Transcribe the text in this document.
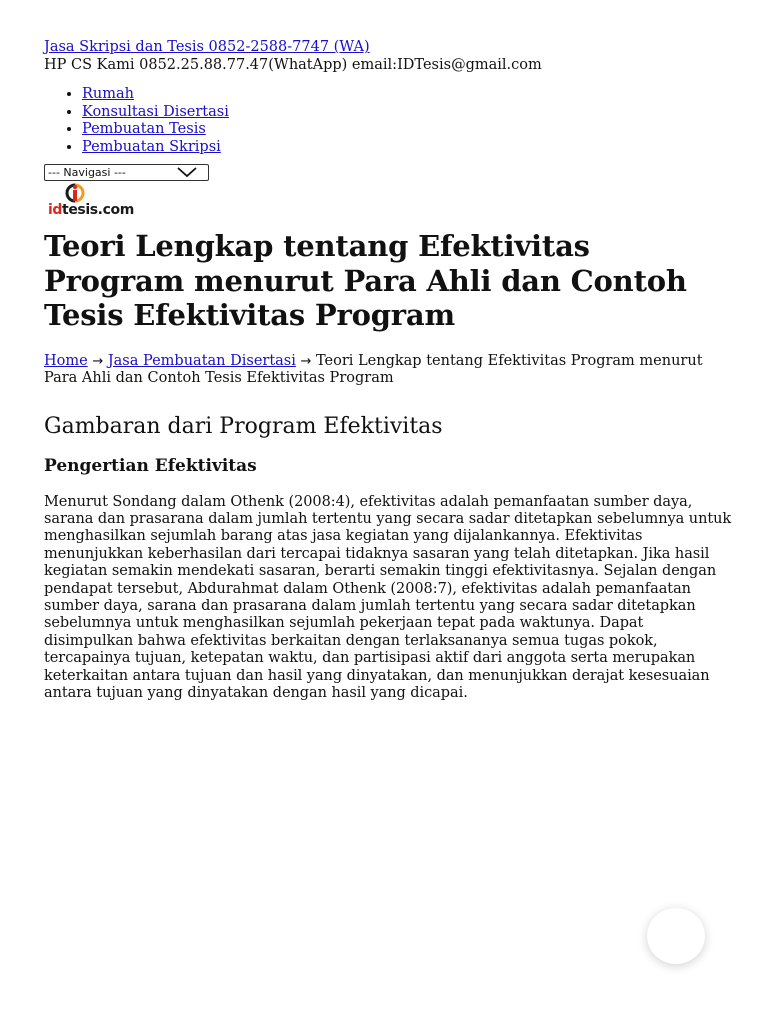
Jasa Skripsi dan Tesis 0852-2588-7747 (WA)
HP CS Kami 0852.25.88.77.47(WhatApp) email:IDTesis@gmail.com
• Rumah
• Konsultasi Disertasi
• Pembuatan Tesis
• Pembuatan Skripsi
--- Navigasi ---
idtesis.com
Teori Lengkap tentang Efektivitas Program menurut Para Ahli dan Contoh Tesis Efektivitas Program
Home → Jasa Pembuatan Disertasi → Teori Lengkap tentang Efektivitas Program menurut Para Ahli dan Contoh Tesis Efektivitas Program
Gambaran dari Program Efektivitas
Pengertian Efektivitas

Menurut Sondang dalam Othenk (2008:4), efektivitas adalah pemanfaatan sumber daya, sarana dan prasarana dalam jumlah tertentu yang secara sadar ditetapkan sebelumnya untuk menghasilkan sejumlah barang atas jasa kegiatan yang dijalankannya. Efektivitas menunjukkan keberhasilan dari tercapai tidaknya sasaran yang telah ditetapkan. Jika hasil kegiatan semakin mendekati sasaran, berarti semakin tinggi efektivitasnya. Sejalan dengan pendapat tersebut, Abdurahmat dalam Othenk (2008:7), efektivitas adalah pemanfaatan sumber daya, sarana dan prasarana dalam jumlah tertentu yang secara sadar ditetapkan sebelumnya untuk menghasilkan sejumlah pekerjaan tepat pada waktunya. Dapat disimpulkan bahwa efektivitas berkaitan dengan terlaksananya semua tugas pokok, tercapainya tujuan, ketepatan waktu, dan partisipasi aktif dari anggota serta merupakan keterkaitan antara tujuan dan hasil yang dinyatakan, dan menunjukkan derajat kesesuaian antara tujuan yang dinyatakan dengan hasil yang dicapai.
